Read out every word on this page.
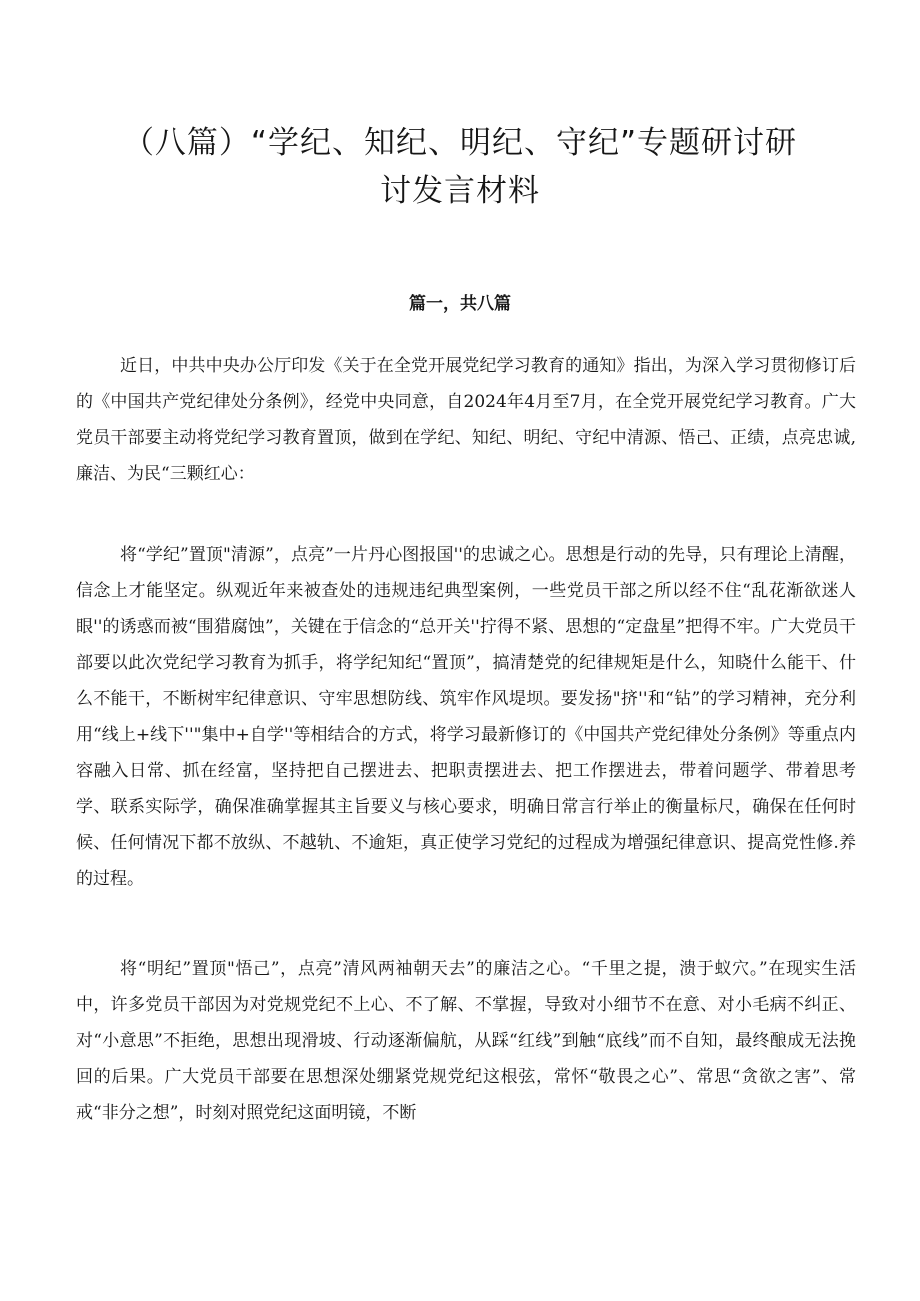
（八篇）“学纪、知纪、明纪、守纪”专题研讨研
讨发言材料
篇一，共八篇

近日，中共中央办公厅印发《关于在全党开展党纪学习教育的通知》指出，为深入学习贯彻修订后的《中国共产党纪律处分条例》，经党中央同意，自2024年4月至7月，在全党开展党纪学习教育。广大党员干部要主动将党纪学习教育置顶，做到在学纪、知纪、明纪、守纪中清源、悟己、正绩，点亮忠诚,廉洁、为民“三颗红心：

将“学纪”置顶"清源”，点亮”一片丹心图报国''的忠诚之心。思想是行动的先导，只有理论上清醒，信念上才能坚定。纵观近年来被查处的违规违纪典型案例，一些党员干部之所以经不住“乱花渐欲迷人眼''的诱惑而被“围猎腐蚀”，关键在于信念的“总开关''拧得不紧、思想的“定盘星”把得不牢。广大党员干部要以此次党纪学习教育为抓手，将学纪知纪“置顶”，搞清楚党的纪律规矩是什么，知晓什么能干、什么不能干，不断树牢纪律意识、守牢思想防线、筑牢作风堤坝。要发扬"挤''和“钻”的学习精神，充分利用“线上+线下''"集中+自学''等相结合的方式，将学习最新修订的《中国共产党纪律处分条例》等重点内容融入日常、抓在经富，坚持把自己摆进去、把职责摆进去、把工作摆进去，带着问题学、带着思考学、联系实际学，确保准确掌握其主旨要义与核心要求，明确日常言行举止的衡量标尺，确保在任何时候、任何情况下都不放纵、不越轨、不逾矩，真正使学习党纪的过程成为增强纪律意识、提高党性修.养的过程。

将“明纪”置顶"悟己”，点亮”清风两袖朝天去”的廉洁之心。“千里之提，溃于蚁穴。”在现实生活中，许多党员干部因为对党规党纪不上心、不了解、不掌握，导致对小细节不在意、对小毛病不纠正、对“小意思”不拒绝，思想出现滑坡、行动逐渐偏航，从踩“红线”到触“底线”而不自知，最终酿成无法挽回的后果。广大党员干部要在思想深处绷紧党规党纪这根弦，常怀“敬畏之心”、常思“贪欲之害”、常戒“非分之想”，时刻对照党纪这面明镜，不断
